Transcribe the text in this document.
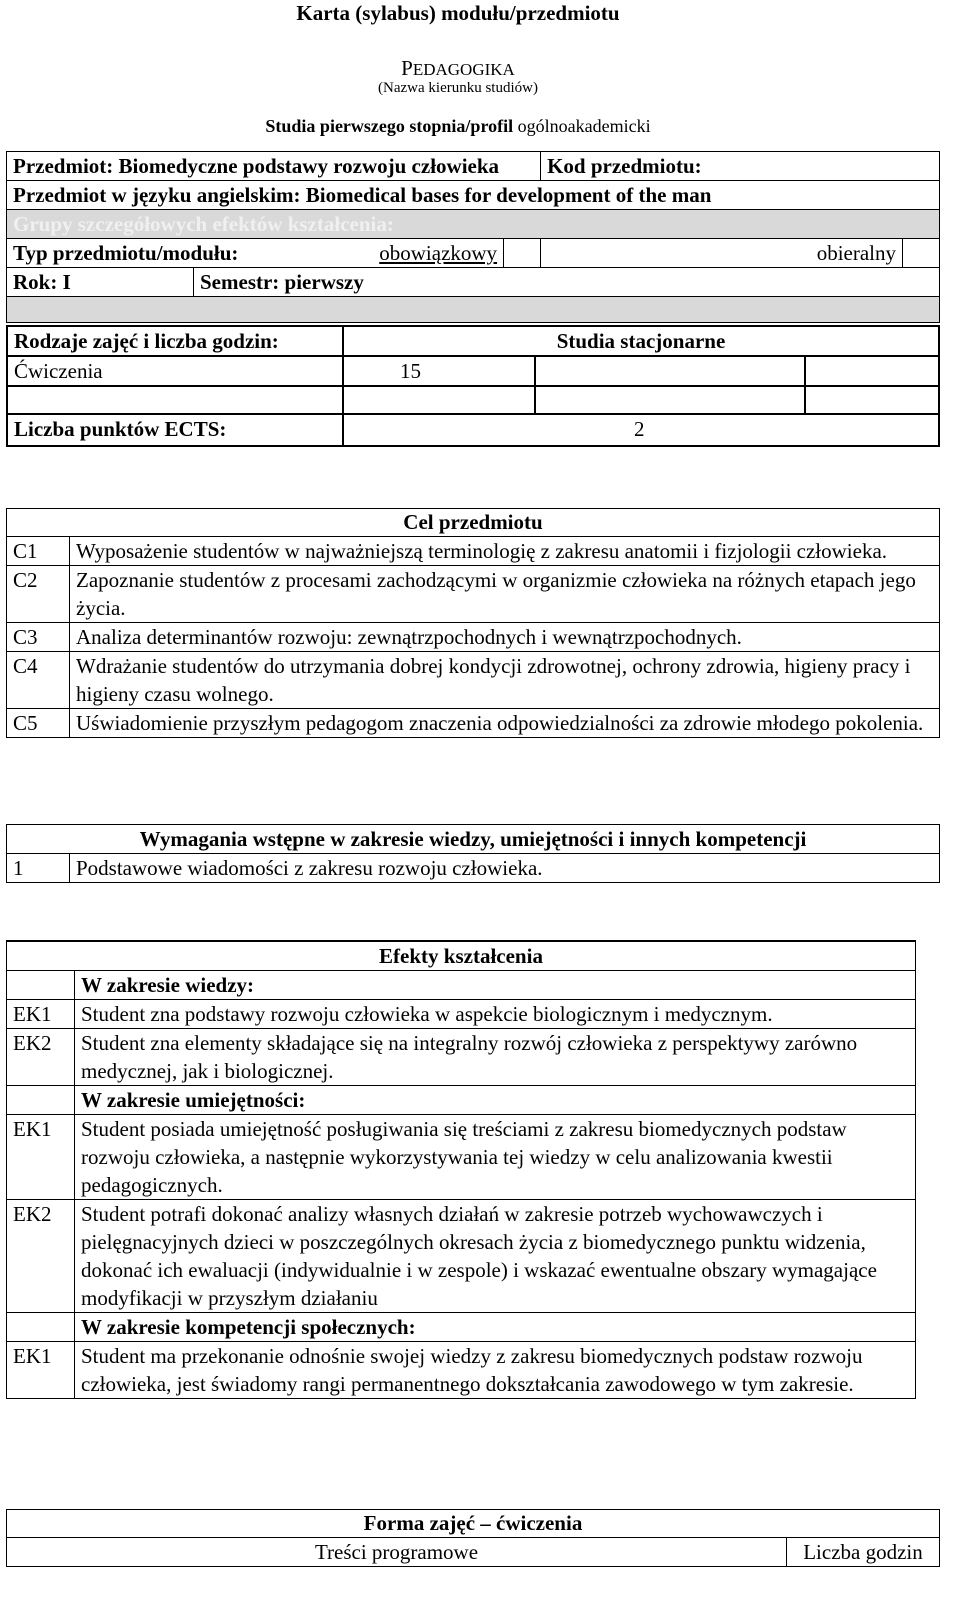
Karta (sylabus) modułu/przedmiotu
PEDAGOGIKA
(Nazwa kierunku studiów)
Studia pierwszego stopnia/profil ogólnoakademicki
Przedmiot: Biomedyczne podstawy rozwoju człowieka				Kod przedmiotu:	
Przedmiot w języku angielskim: Biomedical bases for development of the man					
Grupy szczegółowych efektów kształcenia:					
Typ przedmiotu/modułu:		obowiązkowy		obieralny	
Rok: I	Semestr: pierwszy				

Rodzaje zajęć i liczba godzin:	Studia stacjonarne		
Ćwiczenia	15		

Liczba punktów ECTS:	2		
Cel przedmiotu	
C1	Wyposażenie studentów w najważniejszą terminologię z zakresu anatomii i fizjologii człowieka.
C2	Zapoznanie studentów z procesami zachodzącymi w organizmie człowieka na różnych etapach jego życia.
C3	Analiza determinantów rozwoju: zewnątrzpochodnych i wewnątrzpochodnych.
C4	Wdrażanie studentów do utrzymania dobrej kondycji zdrowotnej, ochrony zdrowia, higieny pracy i higieny czasu wolnego.
C5	Uświadomienie przyszłym pedagogom znaczenia odpowiedzialności za zdrowie młodego pokolenia.
Wymagania wstępne w zakresie wiedzy, umiejętności i innych kompetencji
1	Podstawowe wiadomości z zakresu rozwoju człowieka.
Efekty kształcenia	
	W zakresie wiedzy:
EK1	Student zna podstawy rozwoju człowieka w aspekcie biologicznym i medycznym.
EK2	Student zna elementy składające się na integralny rozwój człowieka z perspektywy zarówno medycznej, jak i biologicznej.
	W zakresie umiejętności:
EK1	Student posiada umiejętność posługiwania się treściami z zakresu biomedycznych podstaw rozwoju człowieka, a następnie wykorzystywania tej wiedzy w celu analizowania kwestii pedagogicznych.
EK2	Student potrafi dokonać analizy własnych działań w zakresie potrzeb wychowawczych i pielęgnacyjnych dzieci w poszczególnych okresach życia z biomedycznego punktu widzenia, dokonać ich ewaluacji (indywidualnie i w zespole) i wskazać ewentualne obszary wymagające modyfikacji w przyszłym działaniu
	W zakresie kompetencji społecznych:
EK1	Student ma przekonanie odnośnie swojej wiedzy z zakresu biomedycznych podstaw rozwoju człowieka, jest świadomy rangi permanentnego dokształcania zawodowego w tym zakresie.
Forma zajęć – ćwiczenia
Treści programowe	Liczba godzin
